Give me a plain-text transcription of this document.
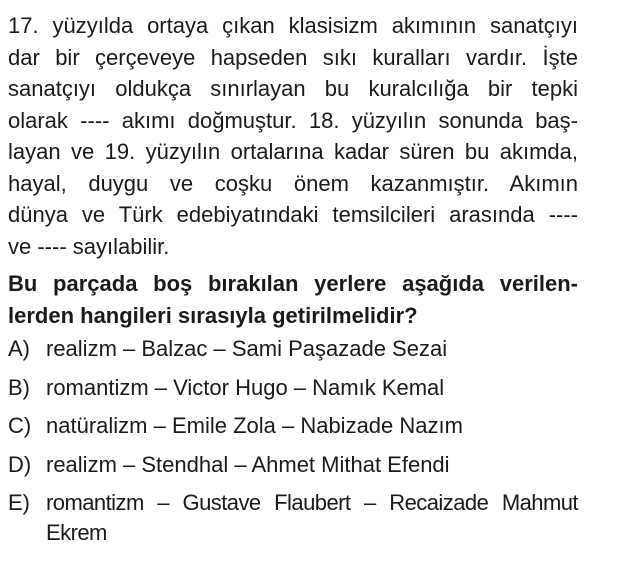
17. yüzyılda ortaya çıkan klasisizm akımının sanatçıyı
dar bir çerçeveye hapseden sıkı kuralları vardır. İşte
sanatçıyı oldukça sınırlayan bu kuralcılığa bir tepki
olarak ---- akımı doğmuştur. 18. yüzyılın sonunda baş-
layan ve 19. yüzyılın ortalarına kadar süren bu akımda,
hayal, duygu ve coşku önem kazanmıştır. Akımın
dünya ve Türk edebiyatındaki temsilcileri arasında ----
ve ---- sayılabilir.
Bu parçada boş bırakılan yerlere aşağıda verilen-
lerden hangileri sırasıyla getirilmelidir?
A) realizm – Balzac – Sami Paşazade Sezai
B) romantizm – Victor Hugo – Namık Kemal
C) natüralizm – Emile Zola – Nabizade Nazım
D) realizm – Stendhal – Ahmet Mithat Efendi
E) romantizm – Gustave Flaubert – Recaizade Mahmut Ekrem
